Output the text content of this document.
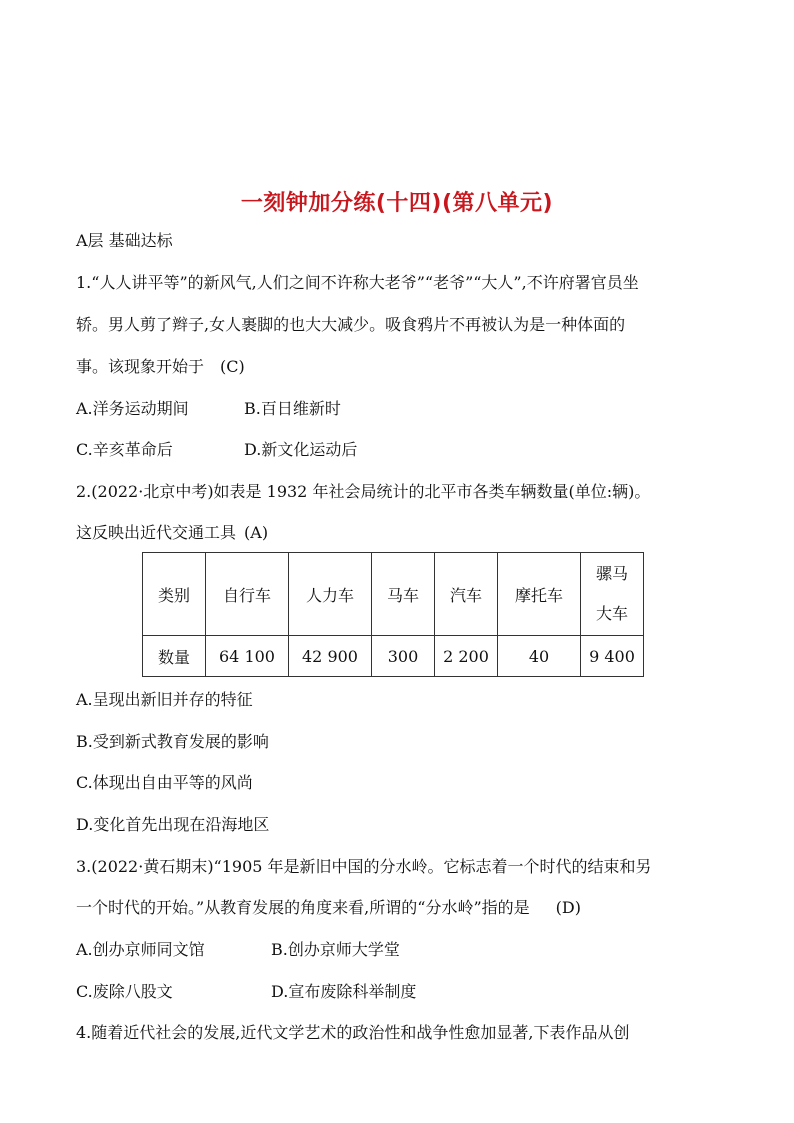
一刻钟加分练(十四)(第八单元)
A层 基础达标
1.“人人讲平等”的新风气,人们之间不许称大老爷”“老爷”“大人”,不许府署官员坐
轿。男人剪了辫子,女人裹脚的也大大减少。吸食鸦片不再被认为是一种体面的
事。该现象开始于 (C)
A.洋务运动期间	B.百日维新时
C.辛亥革命后	D.新文化运动后
2.(2022·北京中考)如表是 1932 年社会局统计的北平市各类车辆数量(单位:辆)。
这反映出近代交通工具 (A)
类别	自行车	人力车	马车	汽车	摩托车	骡马
大车

数量	64 100	42 900	300	2 200	40	9 400
A.呈现出新旧并存的特征
B.受到新式教育发展的影响
C.体现出自由平等的风尚
D.变化首先出现在沿海地区
3.(2022·黄石期末)“1905 年是新旧中国的分水岭。它标志着一个时代的结束和另
一个时代的开始。”从教育发展的角度来看,所谓的“分水岭”指的是 (D)
A.创办京师同文馆	B.创办京师大学堂
C.废除八股文	D.宣布废除科举制度
4.随着近代社会的发展,近代文学艺术的政治性和战争性愈加显著,下表作品从创
